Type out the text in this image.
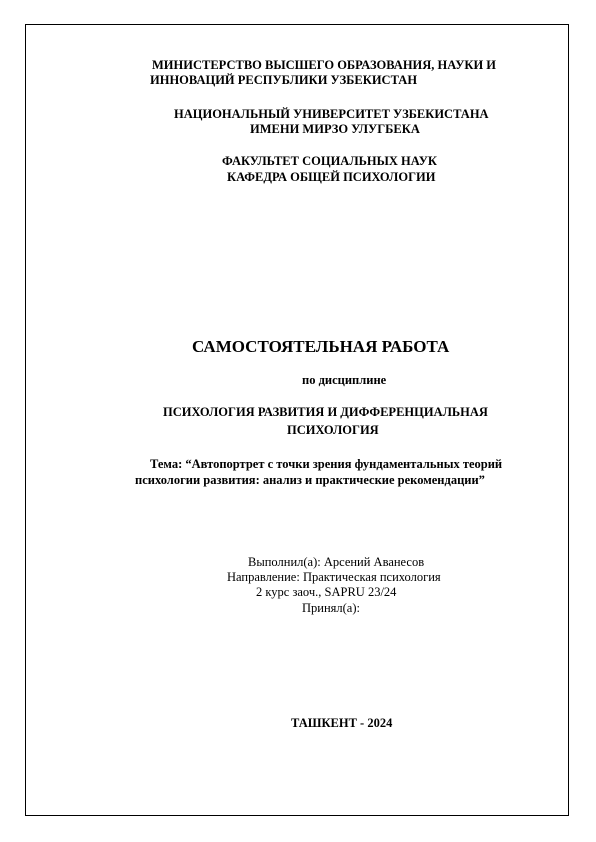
МИНИСТЕРСТВО ВЫСШЕГО ОБРАЗОВАНИЯ, НАУКИ И
ИННОВАЦИЙ РЕСПУБЛИКИ УЗБЕКИСТАН
НАЦИОНАЛЬНЫЙ УНИВЕРСИТЕТ УЗБЕКИСТАНА
ИМЕНИ МИРЗО УЛУГБЕКА
ФАКУЛЬТЕТ СОЦИАЛЬНЫХ НАУК
КАФЕДРА ОБЩЕЙ ПСИХОЛОГИИ
САМОСТОЯТЕЛЬНАЯ РАБОТА
по дисциплине
ПСИХОЛОГИЯ РАЗВИТИЯ И ДИФФЕРЕНЦИАЛЬНАЯ
ПСИХОЛОГИЯ
Тема: “Автопортрет с точки зрения фундаментальных теорий
психологии развития: анализ и практические рекомендации”
Выполнил(а): Арсений Аванесов
Направление: Практическая психология
2 курс заоч., SAPRU 23/24
Принял(а):
ТАШКЕНТ - 2024
